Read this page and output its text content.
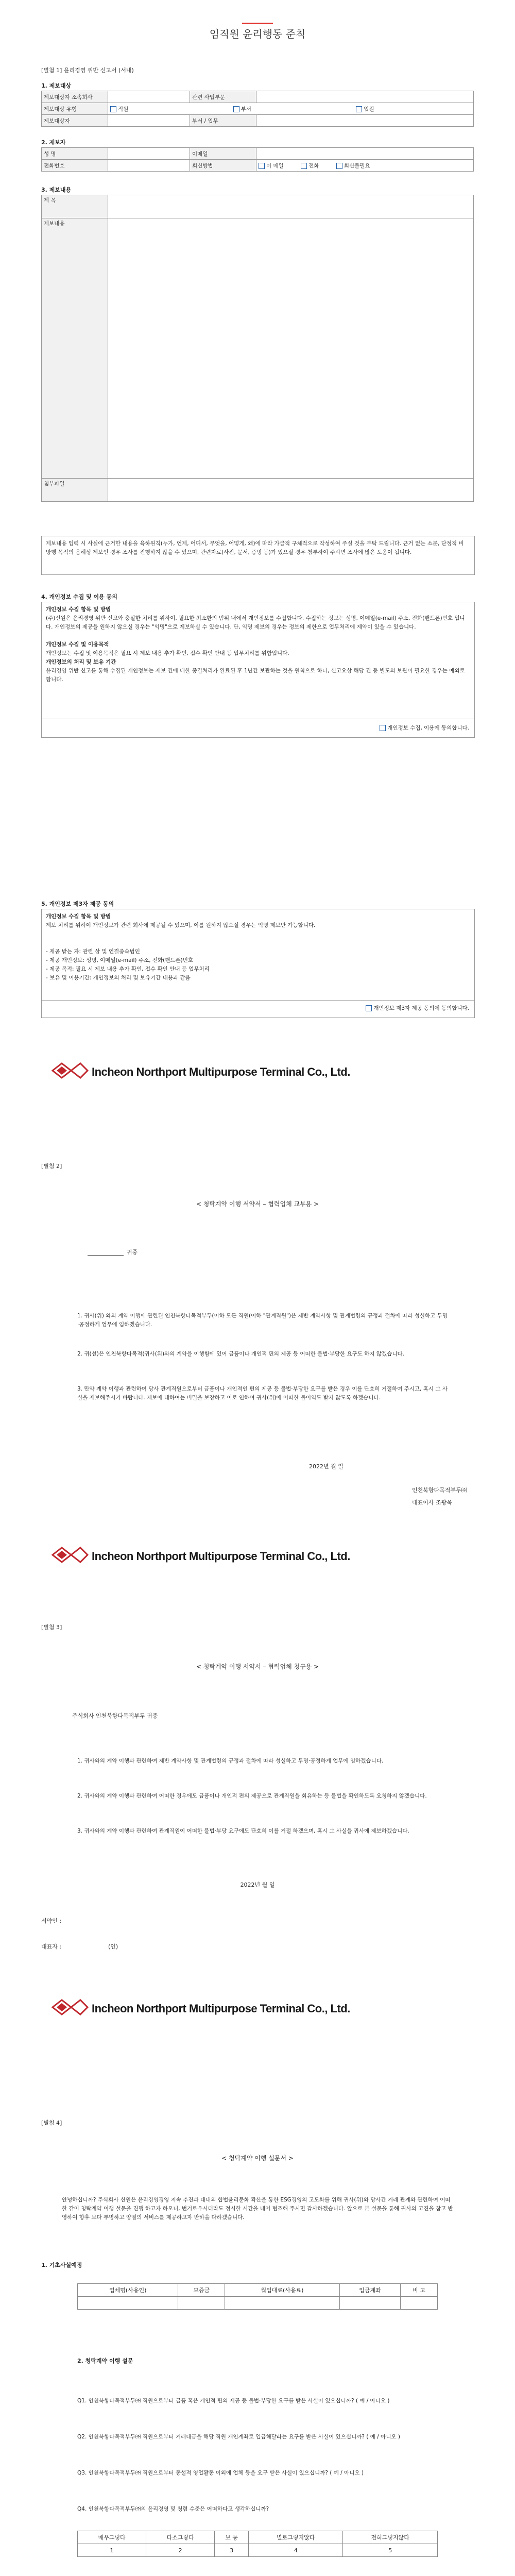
임직원 윤리행동 준칙
[별첨 1] 윤리경영 위반 신고서 (서내)
1. 제보대상
제보대상자 소속회사		관련 사업부문	
제보대상 유형	직원 부서 업원		
제보대상자		부서 / 입무	
2. 제보자
성 명		이메일	
전화번호		회신방법	이 메일 전화 회신불필요
3. 제보내용
제 목	
제보내용	
첨부파일	
제보내용 입력 시 사실에 근거한 내용을 육하원칙(누가, 언제, 어디서, 무엇을, 어떻게, 왜)에 따라 가급적 구체적으로 작성하여 주실 것을 부탁 드립니다. 근거 없는 소문, 단정적 비방행 목적의 음해성 제보인 경우 조사를 진행하지 않을 수 있으며, 관련자료(사진, 문서, 증빙 등)가 있으실 경우 첨부하여 주시면 조사에 많은 도움이 됩니다.
4. 개인정보 수집 및 이용 동의
개인정보 수집 항목 및 방법
(주)신원은 윤리경영 위반 신고와 충실한 처리를 위하여, 필요한 최소한의 범위 내에서 개인정보를 수집합니다. 수집하는 정보는 성명, 이메일(e-mail) 주소, 전화(핸드폰)번호 입니다. 개인정보의 제공을 원하지 않으실 경우는 "익명"으로 제보하실 수 있습니다. 단, 익명 제보의 경우는 정보의 제한으로 업무처리에 제약이 있을 수 있습니다.
개인정보 수집 및 이용목적
개인정보는 수집 및 이용목적은 필요 시 제보 내용 추가 확인, 접수 확인 안내 등 업무처리를 위함입니다.
개인정보의 처리 및 보유 기간
윤리경영 위반 신고를 통해 수집된 개인정보는 제보 건에 대한 종결처리가 완료된 후 1년간 보관하는 것을 원칙으로 하나, 신고요상 해당 건 등 별도의 보관이 필요한 경우는 예외로 합니다.
개인정보 수집, 이용에 동의합니다.
5. 개인정보 제3자 제공 동의
개인정보 수집 항목 및 방법
제보 처리를 위하여 개인정보가 관련 회사에 제공될 수 있으며, 이를 원하지 않으실 경우는 익명 제보만 가능합니다.
- 제공 받는 자: 관련 상 및 연결종속법인
- 제공 개인정보: 성명, 이메일(e-mail) 주소, 전화(핸드폰)번호
- 제공 목적: 필요 시 제보 내용 추가 확인, 접수 확인 안내 등 업무처리
- 보유 및 이용기간: 개인정보의 처리 및 보유기간 내용과 같음
개인정보 제3자 제공 동의에 동의합니다.
Incheon Northport Multipurpose Terminal Co., Ltd.
[별첨 2]
< 청탁계약 이행 서약서 – 협력업체 교부용 >
귀중
1. 귀사(위) 와의 계약 이행에 관련된 인천북항다목적부두(이하 모든 직원(이하 "관계직원")은 제반 계약사항 및 관계법령의 규정과 절차에 따라 성실하고 투명·공정하게 업무에 임하겠습니다.
2. 귀(선)은 인천북항다목적(귀사(위)와의 계약을 이행함에 있어 금품이나 개인적 편의 제공 등 어떠한 불법·부당한 요구도 하지 않겠습니다.
3. 만약 계약 이행과 관련하여 당사 관계직원으로부터 금품이나 개인적인 편의 제공 등 불법·부당한 요구를 받은 경우 이를 단호히 거절하여 주시고, 혹시 그 사실을 제보해주시기 바랍니다. 제보에 대하여는 비밀을 보장하고 이로 인하여 귀사(위)에 어떠한 불이익도 받지 않도록 하겠습니다.
2022년 월 일
인천북항다목적부두㈜
대표이사 조광욱
Incheon Northport Multipurpose Terminal Co., Ltd.
[별첨 3]
< 청탁계약 이행 서약서 – 협력업체 청구용 >
주식회사 인천북항다목적부두 귀중
1. 귀사와의 계약 이행과 관련하여 제반 계약사항 및 관계법령의 규정과 절차에 따라 성실하고 투명·공정하게 업무에 임하겠습니다.
2. 귀사와의 계약 이행과 관련하여 어떠한 경우에도 금품이나 개인적 편의 제공으로 관계직원을 회유하는 등 불법을 확인하도록 요청하지 않겠습니다.
3. 귀사와의 계약 이행과 관련하여 관계직원이 어떠한 불법·부당 요구에도 단호히 이를 거절 하겠으며, 혹시 그 사실을 귀사에 제보하겠습니다.
2022년 월 일
서약인 :
대표자 :	(인)
Incheon Northport Multipurpose Terminal Co., Ltd.
[별첨 4]
< 청탁계약 이행 설문서 >
안녕하십니까? 주식회사 신원은 윤리경영경영 지속 추진과 대내외 합법윤리문화 확산을 통한 ESG경영의 고도화를 위해 귀사(위)와 당사간 거래 관계와 관련하여 어떠한 같이 청탁계약 이행 설문을 진행 하고자 하오니, 번거로우시더라도 정시한 시간을 내어 협조해 주시면 감사하겠습니다. 앞으로 본 설문을 통해 귀사의 고견을 참고 반영하여 향후 보다 투명하고 양질의 서비스를 제공하고자 반하을 다하겠습니다.
1. 기초사실예정
업체명(사용인)	보증금	월입대료(사용료)	입금계좌	비 고

2. 청탁계약 이행 설문
Q1. 인천북항다목적부두㈜ 직원으로부터 금품 혹은 개인적 편의 제공 등 불법·부당한 요구를 받은 사실이 있으십니까? ( 예 / 아니오 )
Q2. 인천북항다목적부두㈜ 직원으로부터 거래대금을 해당 직원 개인계좌로 입금해달라는 요구를 받은 사실이 있으십니까? ( 예 / 아니오 )
Q3. 인천북항다목적부두㈜ 직원으로부터 동설적 영업활동 이외에 업체 등을 요구 받은 사실이 있으십니까? ( 예 / 아니오 )
Q4. 인천북항다목적부두㈜의 윤리경영 및 청렴 수준은 어떠하다고 생각하십니까?
매우그렇다	다소그렇다	보 통	별로그렇지않다	전혀그렇지않다
1	2	3	4	5
